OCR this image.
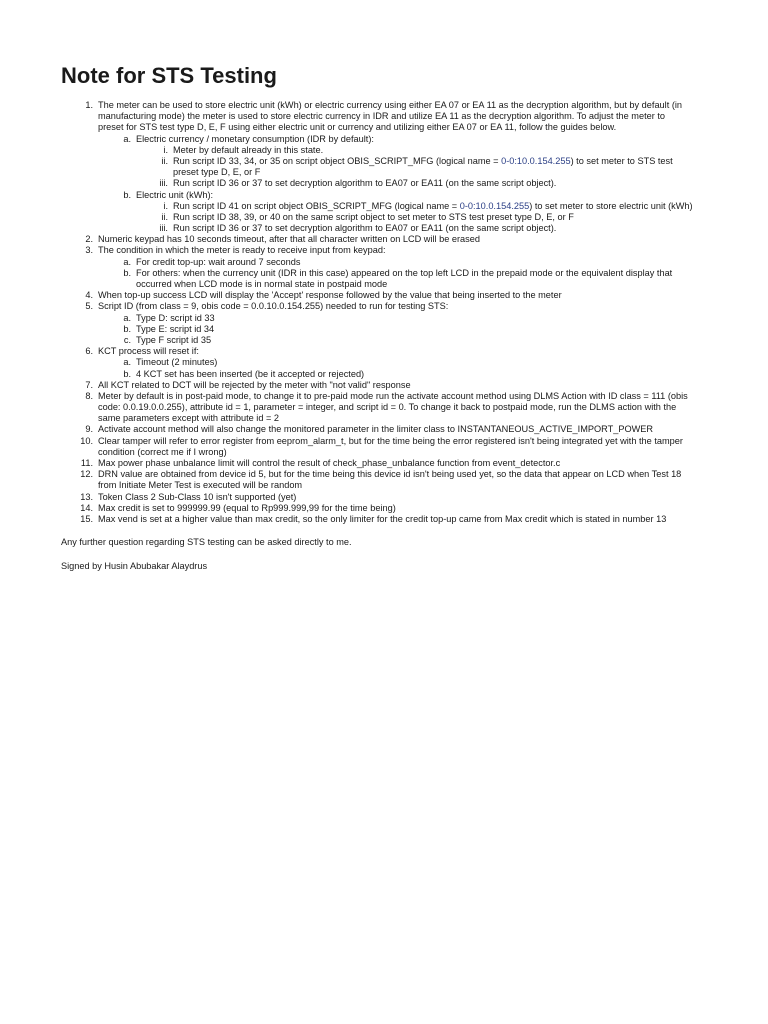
Note for STS Testing
1. The meter can be used to store electric unit (kWh) or electric currency using either EA 07 or EA 11 as the decryption algorithm, but by default (in
manufacturing mode) the meter is used to store electric currency in IDR and utilize EA 11 as the decryption algorithm. To adjust the meter to
preset for STS test type D, E, F using either electric unit or currency and utilizing either EA 07 or EA 11, follow the guides below.
a. Electric currency / monetary consumption (IDR by default):
i. Meter by default already in this state.
ii. Run script ID 33, 34, or 35 on script object OBIS_SCRIPT_MFG (logical name = 0-0:10.0.154.255) to set meter to STS test
preset type D, E, or F
iii. Run script ID 36 or 37 to set decryption algorithm to EA07 or EA11 (on the same script object).
b. Electric unit (kWh):
i. Run script ID 41 on script object OBIS_SCRIPT_MFG (logical name = 0-0:10.0.154.255) to set meter to store electric unit (kWh)
ii. Run script ID 38, 39, or 40 on the same script object to set meter to STS test preset type D, E, or F
iii. Run script ID 36 or 37 to set decryption algorithm to EA07 or EA11 (on the same script object).
2. Numeric keypad has 10 seconds timeout, after that all character written on LCD will be erased
3. The condition in which the meter is ready to receive input from keypad:
a. For credit top-up: wait around 7 seconds
b. For others: when the currency unit (IDR in this case) appeared on the top left LCD in the prepaid mode or the equivalent display that
occurred when LCD mode is in normal state in postpaid mode
4. When top-up success LCD will display the 'Accept' response followed by the value that being inserted to the meter
5. Script ID (from class = 9, obis code = 0.0.10.0.154.255) needed to run for testing STS:
a. Type D: script id 33
b. Type E: script id 34
c. Type F script id 35
6. KCT process will reset if:
a. Timeout (2 minutes)
b. 4 KCT set has been inserted (be it accepted or rejected)
7. All KCT related to DCT will be rejected by the meter with "not valid" response
8. Meter by default is in post-paid mode, to change it to pre-paid mode run the activate account method using DLMS Action with ID class = 111 (obis
code: 0.0.19.0.0.255), attribute id = 1, parameter = integer, and script id = 0. To change it back to postpaid mode, run the DLMS action with the
same parameters except with attribute id = 2
9. Activate account method will also change the monitored parameter in the limiter class to INSTANTANEOUS_ACTIVE_IMPORT_POWER
10. Clear tamper will refer to error register from eeprom_alarm_t, but for the time being the error registered isn't being integrated yet with the tamper
condition (correct me if I wrong)
11. Max power phase unbalance limit will control the result of check_phase_unbalance function from event_detector.c
12. DRN value are obtained from device id 5, but for the time being this device id isn't being used yet, so the data that appear on LCD when Test 18
from Initiate Meter Test is executed will be random
13. Token Class 2 Sub-Class 10 isn't supported (yet)
14. Max credit is set to 999999.99 (equal to Rp999.999,99 for the time being)
15. Max vend is set at a higher value than max credit, so the only limiter for the credit top-up came from Max credit which is stated in number 13

Any further question regarding STS testing can be asked directly to me.

Signed by Husin Abubakar Alaydrus
